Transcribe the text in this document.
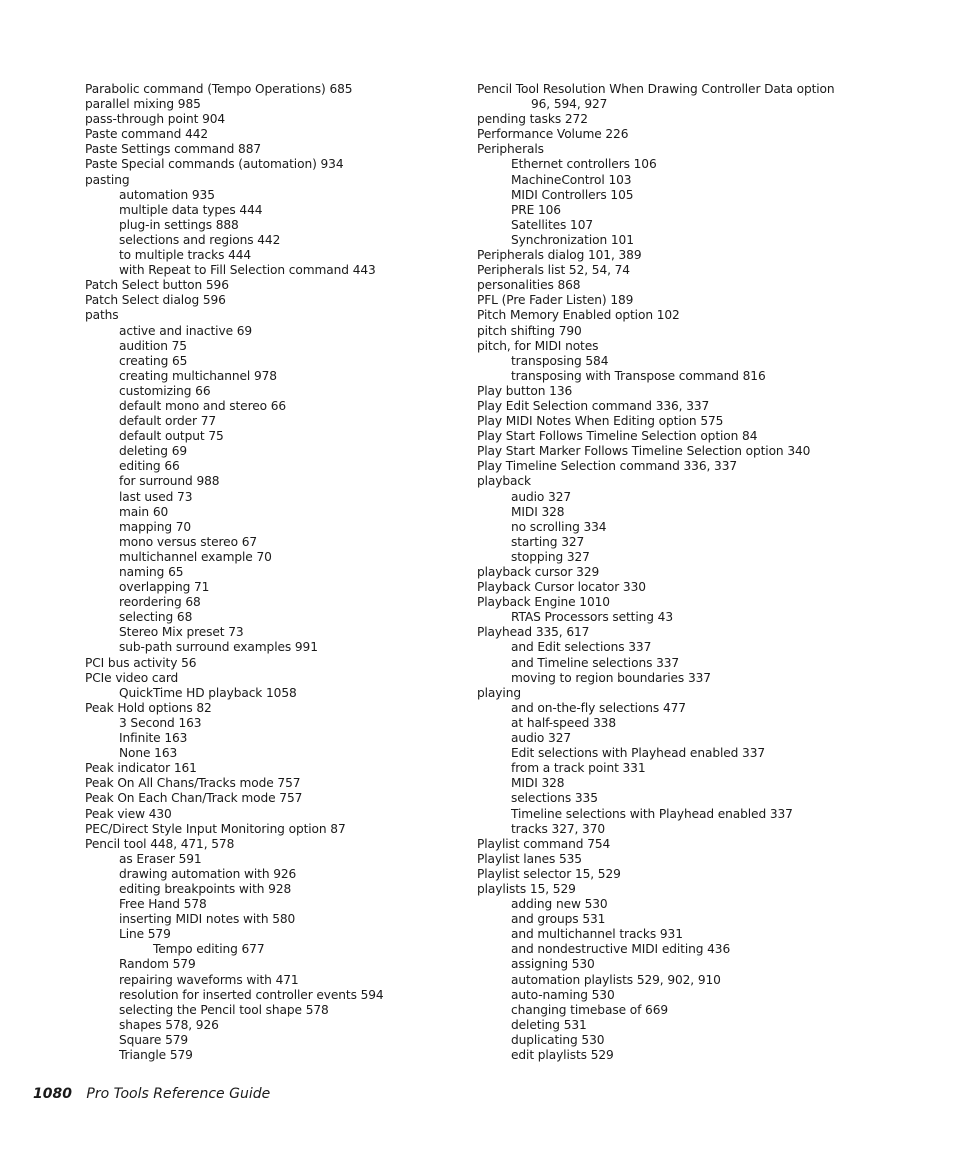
Parabolic command (Tempo Operations) 685
parallel mixing 985
pass-through point 904
Paste command 442
Paste Settings command 887
Paste Special commands (automation) 934
pasting
automation 935
multiple data types 444
plug-in settings 888
selections and regions 442
to multiple tracks 444
with Repeat to Fill Selection command 443
Patch Select button 596
Patch Select dialog 596
paths
active and inactive 69
audition 75
creating 65
creating multichannel 978
customizing 66
default mono and stereo 66
default order 77
default output 75
deleting 69
editing 66
for surround 988
last used 73
main 60
mapping 70
mono versus stereo 67
multichannel example 70
naming 65
overlapping 71
reordering 68
selecting 68
Stereo Mix preset 73
sub-path surround examples 991
PCI bus activity 56
PCIe video card
QuickTime HD playback 1058
Peak Hold options 82
3 Second 163
Infinite 163
None 163
Peak indicator 161
Peak On All Chans/Tracks mode 757
Peak On Each Chan/Track mode 757
Peak view 430
PEC/Direct Style Input Monitoring option 87
Pencil tool 448, 471, 578
as Eraser 591
drawing automation with 926
editing breakpoints with 928
Free Hand 578
inserting MIDI notes with 580
Line 579
Tempo editing 677
Random 579
repairing waveforms with 471
resolution for inserted controller events 594
selecting the Pencil tool shape 578
shapes 578, 926
Square 579
Triangle 579
Pencil Tool Resolution When Drawing Controller Data option
96, 594, 927
pending tasks 272
Performance Volume 226
Peripherals
Ethernet controllers 106
MachineControl 103
MIDI Controllers 105
PRE 106
Satellites 107
Synchronization 101
Peripherals dialog 101, 389
Peripherals list 52, 54, 74
personalities 868
PFL (Pre Fader Listen) 189
Pitch Memory Enabled option 102
pitch shifting 790
pitch, for MIDI notes
transposing 584
transposing with Transpose command 816
Play button 136
Play Edit Selection command 336, 337
Play MIDI Notes When Editing option 575
Play Start Follows Timeline Selection option 84
Play Start Marker Follows Timeline Selection option 340
Play Timeline Selection command 336, 337
playback
audio 327
MIDI 328
no scrolling 334
starting 327
stopping 327
playback cursor 329
Playback Cursor locator 330
Playback Engine 1010
RTAS Processors setting 43
Playhead 335, 617
and Edit selections 337
and Timeline selections 337
moving to region boundaries 337
playing
and on-the-fly selections 477
at half-speed 338
audio 327
Edit selections with Playhead enabled 337
from a track point 331
MIDI 328
selections 335
Timeline selections with Playhead enabled 337
tracks 327, 370
Playlist command 754
Playlist lanes 535
Playlist selector 15, 529
playlists 15, 529
adding new 530
and groups 531
and multichannel tracks 931
and nondestructive MIDI editing 436
assigning 530
automation playlists 529, 902, 910
auto-naming 530
changing timebase of 669
deleting 531
duplicating 530
edit playlists 529
1080 Pro Tools Reference Guide
